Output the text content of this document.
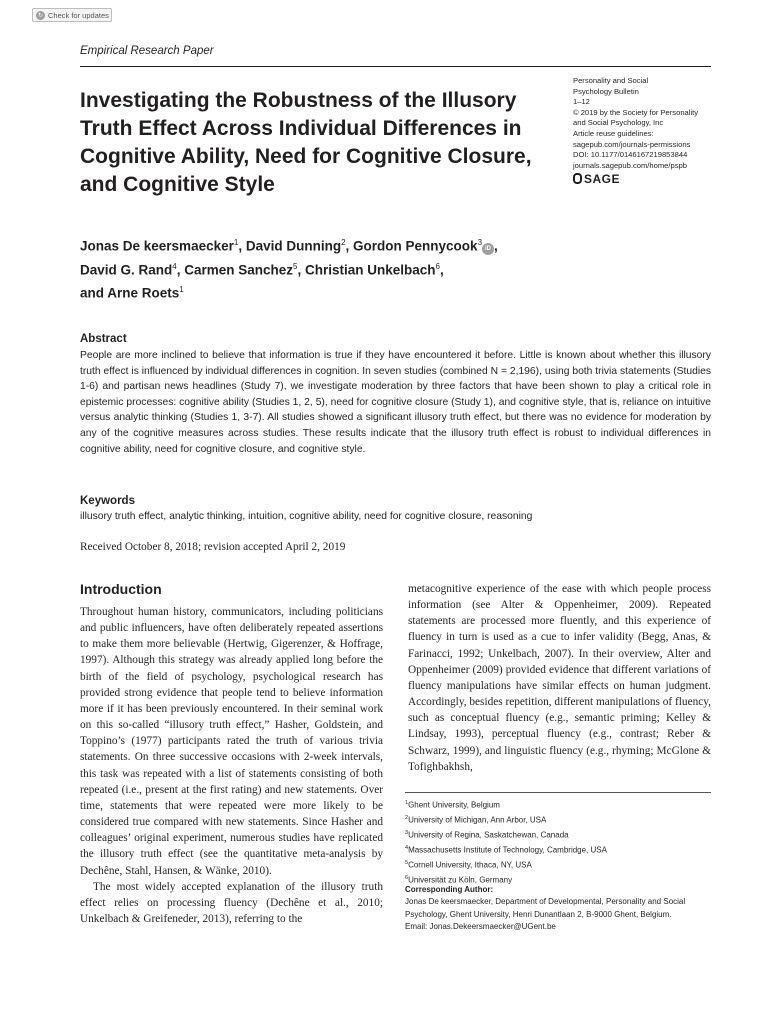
↻ Check for updates
Empirical Research Paper
Investigating the Robustness of the Illusory Truth Effect Across Individual Differences in Cognitive Ability, Need for Cognitive Closure, and Cognitive Style
Personality and Social
Psychology Bulletin
1–12
© 2019 by the Society for Personality
and Social Psychology, Inc
Article reuse guidelines:
sagepub.com/journals-permissions
DOI: 10.1177/0146167219853844
journals.sagepub.com/home/pspb
SAGE
Jonas De keersmaecker$^1$, David Dunning$^2$, Gordon Pennycook$^3$iD ,
David G. Rand$^4$, Carmen Sanchez$^5$, Christian Unkelbach$^6$,
and Arne Roets$^1$
Abstract
People are more inclined to believe that information is true if they have encountered it before. Little is known about whether this illusory truth effect is influenced by individual differences in cognition. In seven studies (combined N = 2,196), using both trivia statements (Studies 1-6) and partisan news headlines (Study 7), we investigate moderation by three factors that have been shown to play a critical role in epistemic processes: cognitive ability (Studies 1, 2, 5), need for cognitive closure (Study 1), and cognitive style, that is, reliance on intuitive versus analytic thinking (Studies 1, 3-7). All studies showed a significant illusory truth effect, but there was no evidence for moderation by any of the cognitive measures across studies. These results indicate that the illusory truth effect is robust to individual differences in cognitive ability, need for cognitive closure, and cognitive style.
Keywords
illusory truth effect, analytic thinking, intuition, cognitive ability, need for cognitive closure, reasoning
Received October 8, 2018; revision accepted April 2, 2019
Introduction

Throughout human history, communicators, including politicians and public influencers, have often deliberately repeated assertions to make them more believable (Hertwig, Gigerenzer, & Hoffrage, 1997). Although this strategy was already applied long before the birth of the field of psychology, psychological research has provided strong evidence that people tend to believe information more if it has been previously encountered. In their seminal work on this so-called “illusory truth effect,” Hasher, Goldstein, and Toppino’s (1977) participants rated the truth of various trivia statements. On three successive occasions with 2-week intervals, this task was repeated with a list of statements consisting of both repeated (i.e., present at the first rating) and new statements. Over time, statements that were repeated were more likely to be considered true compared with new statements. Since Hasher and colleagues’ original experiment, numerous studies have replicated the illusory truth effect (see the quantitative meta-analysis by Dechêne, Stahl, Hansen, & Wänke, 2010).

The most widely accepted explanation of the illusory truth effect relies on processing fluency (Dechêne et al., 2010; Unkelbach & Greifeneder, 2013), referring to the

metacognitive experience of the ease with which people process information (see Alter & Oppenheimer, 2009). Repeated statements are processed more fluently, and this experience of fluency in turn is used as a cue to infer validity (Begg, Anas, & Farinacci, 1992; Unkelbach, 2007). In their overview, Alter and Oppenheimer (2009) provided evidence that different variations of fluency manipulations have similar effects on human judgment. Accordingly, besides repetition, different manipulations of fluency, such as conceptual fluency (e.g., semantic priming; Kelley & Lindsay, 1993), perceptual fluency (e.g., contrast; Reber & Schwarz, 1999), and linguistic fluency (e.g., rhyming; McGlone & Tofighbakhsh,

$^1$Ghent University, Belgium
$^2$University of Michigan, Ann Arbor, USA
$^3$University of Regina, Saskatchewan, Canada
$^4$Massachusetts Institute of Technology, Cambridge, USA
$^5$Cornell University, Ithaca, NY, USA
$^6$Universität zu Köln, Germany
Corresponding Author:
Jonas De keersmaecker, Department of Developmental, Personality and Social Psychology, Ghent University, Henri Dunantlaan 2, B-9000 Ghent, Belgium.
Email: Jonas.Dekeersmaecker@UGent.be
